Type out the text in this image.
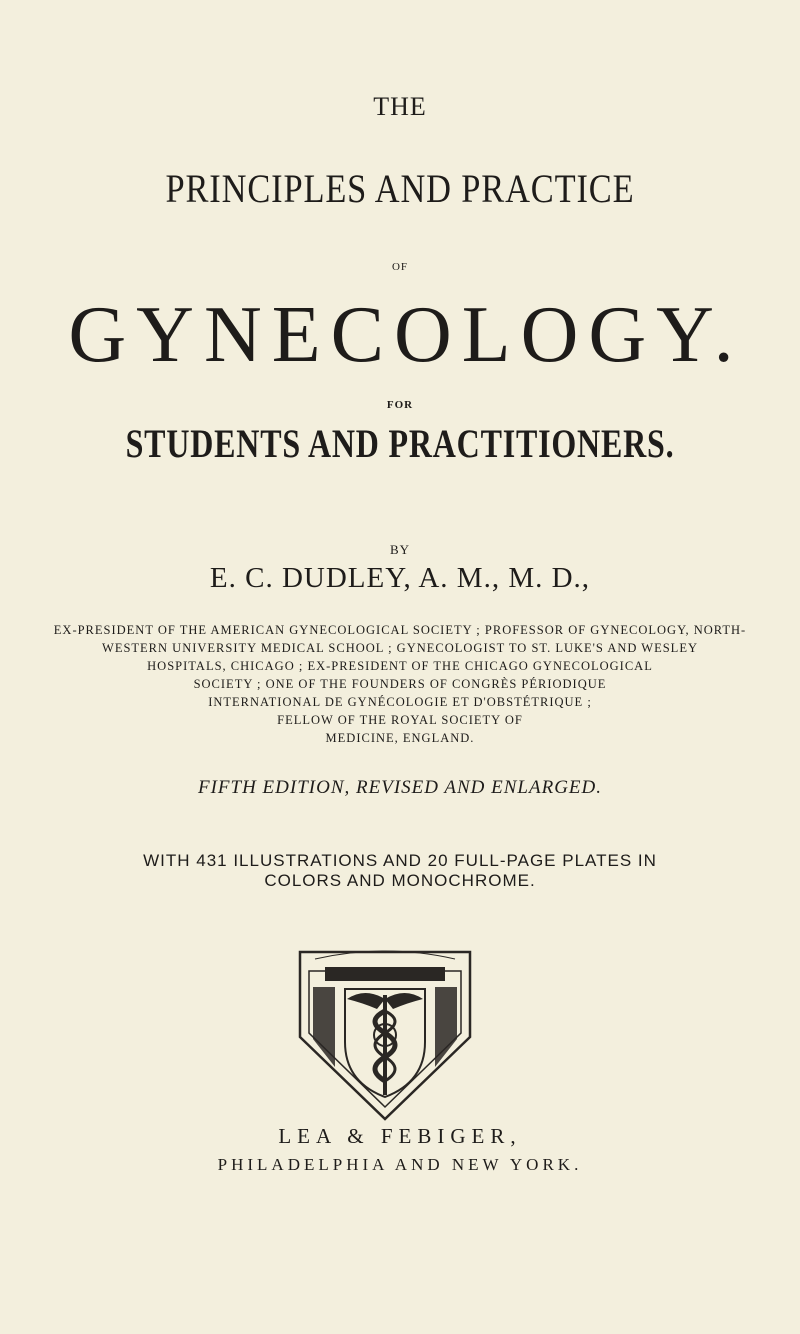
THE
PRINCIPLES AND PRACTICE
OF
GYNECOLOGY.
FOR
STUDENTS AND PRACTITIONERS.
BY
E. C. DUDLEY, A. M., M. D.,
EX-PRESIDENT OF THE AMERICAN GYNECOLOGICAL SOCIETY ; PROFESSOR OF GYNECOLOGY, NORTH-
WESTERN UNIVERSITY MEDICAL SCHOOL ; GYNECOLOGIST TO ST. LUKE'S AND WESLEY
HOSPITALS, CHICAGO ; EX-PRESIDENT OF THE CHICAGO GYNECOLOGICAL
SOCIETY ; ONE OF THE FOUNDERS OF CONGRÈS PÉRIODIQUE
INTERNATIONAL DE GYNÉCOLOGIE ET D'OBSTÉTRIQUE ;
FELLOW OF THE ROYAL SOCIETY OF
MEDICINE, ENGLAND.
FIFTH EDITION, REVISED AND ENLARGED.
WITH 431 ILLUSTRATIONS AND 20 FULL-PAGE PLATES IN
COLORS AND MONOCHROME.
LEA & FEBIGER,
PHILADELPHIA AND NEW YORK.
